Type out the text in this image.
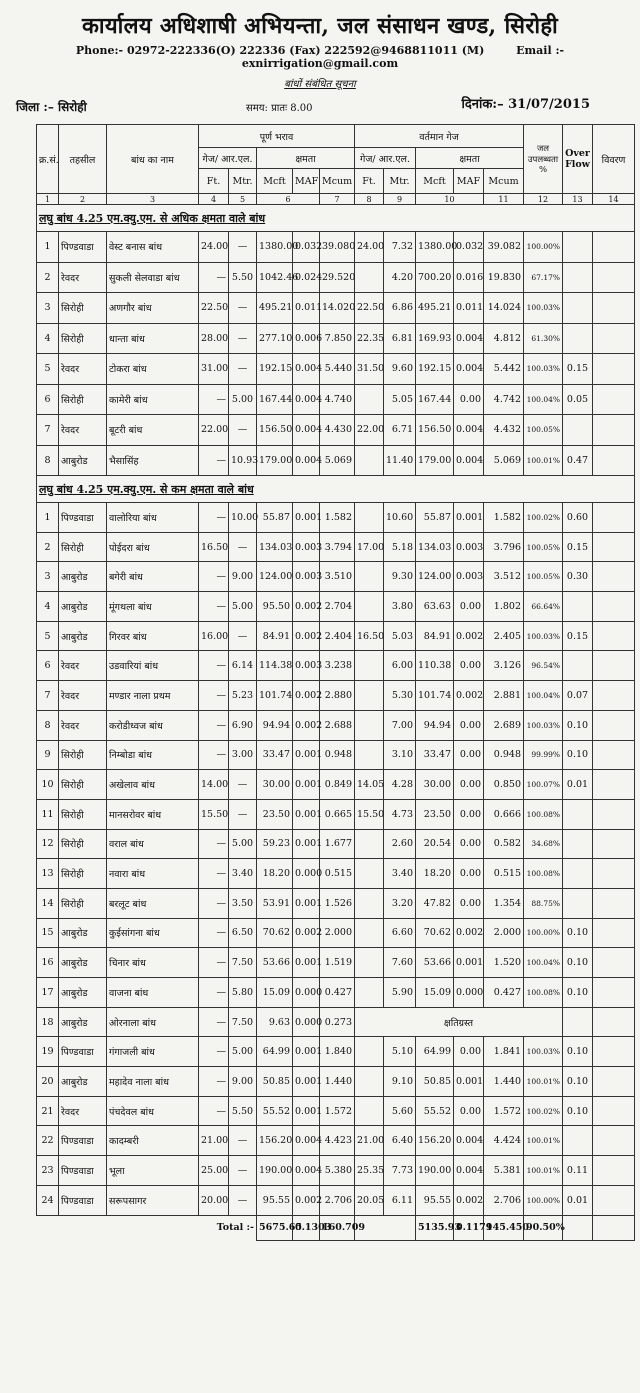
कार्यालय अधिशाषी अभियन्ता, जल संसाधन खण्ड, सिरोही
Phone:- 02972-222336(O) 222336 (Fax) 222592@9468811011 (M)	Email :- exnirrigation@gmail.com
बांधों संबंधित सूचना
जिला :– सिरोही	समय: प्रातः 8.00	दिनांक:– 31/07/2015
क्र.सं.	तहसील	बांध का नाम	पूर्ण भराव					वर्तमान गेज					जल उपलब्धता %	Over Flow	विवरण
			गेज/ आर.एल.		क्षमता			गेज/ आर.एल.		क्षमता					
			Ft.	Mtr.	Mcft	MAF	Mcum	Ft.	Mtr.	Mcft	MAF	Mcum			
1	2	3	4	5	6		7	8	9	10		11	12	13	14
लघु बांध 4.25 एम.क्यु.एम. से अधिक क्षमता वाले बांध															
1	पिण्डवाडा	वेस्ट बनास बांध	24.00	—	1380.00	0.032	39.080	24.00	7.32	1380.00	0.032	39.082	100.00%		
2	रेवदर	सुकली सेलवाडा बांध	—	5.50	1042.46	0.024	29.520		4.20	700.20	0.016	19.830	67.17%		
3	सिरोही	अणगौर बांध	22.50	—	495.21	0.011	14.020	22.50	6.86	495.21	0.011	14.024	100.03%		
4	सिरोही	धान्ता बांध	28.00	—	277.10	0.006	7.850	22.35	6.81	169.93	0.004	4.812	61.30%		
5	रेवदर	टोकरा बांध	31.00	—	192.15	0.004	5.440	31.50	9.60	192.15	0.004	5.442	100.03%	0.15	
6	सिरोही	कामेरी बांध	—	5.00	167.44	0.004	4.740		5.05	167.44	0.00	4.742	100.04%	0.05	
7	रेवदर	बूटरी बांध	22.00	—	156.50	0.004	4.430	22.00	6.71	156.50	0.004	4.432	100.05%		
8	आबुरोड	भैसासिंह	—	10.93	179.00	0.004	5.069		11.40	179.00	0.004	5.069	100.01%	0.47	
लघु बांध 4.25 एम.क्यु.एम. से कम क्षमता वाले बांध															
1	पिण्डवाडा	वालोरिया बांध	—	10.00	55.87	0.001	1.582		10.60	55.87	0.001	1.582	100.02%	0.60	
2	सिरोही	पोईदरा बांध	16.50	—	134.03	0.003	3.794	17.00	5.18	134.03	0.003	3.796	100.05%	0.15	
3	आबुरोड	बगेरी बांध	—	9.00	124.00	0.003	3.510		9.30	124.00	0.003	3.512	100.05%	0.30	
4	आबुरोड	मूंगथला बांध	—	5.00	95.50	0.002	2.704		3.80	63.63	0.00	1.802	66.64%		
5	आबुरोड	गिरवर बांध	16.00	—	84.91	0.002	2.404	16.50	5.03	84.91	0.002	2.405	100.03%	0.15	
6	रेवदर	उडवारियां बांध	—	6.14	114.38	0.003	3.238		6.00	110.38	0.00	3.126	96.54%		
7	रेवदर	मण्डार नाला प्रथम	—	5.23	101.74	0.002	2.880		5.30	101.74	0.002	2.881	100.04%	0.07	
8	रेवदर	करोडीध्वज बांध	—	6.90	94.94	0.002	2.688		7.00	94.94	0.00	2.689	100.03%	0.10	
9	सिरोही	निम्बोडा बांध	—	3.00	33.47	0.001	0.948		3.10	33.47	0.00	0.948	99.99%	0.10	
10	सिरोही	अखेलाव बांध	14.00	—	30.00	0.001	0.849	14.05	4.28	30.00	0.00	0.850	100.07%	0.01	
11	सिरोही	मानसरोवर बांध	15.50	—	23.50	0.001	0.665	15.50	4.73	23.50	0.00	0.666	100.08%		
12	सिरोही	वराल बांध	—	5.00	59.23	0.001	1.677		2.60	20.54	0.00	0.582	34.68%		
13	सिरोही	नवारा बांध	—	3.40	18.20	0.000	0.515		3.40	18.20	0.00	0.515	100.08%		
14	सिरोही	बरलूट बांध	—	3.50	53.91	0.001	1.526		3.20	47.82	0.00	1.354	88.75%		
15	आबुरोड	कुईसांगना बांध	—	6.50	70.62	0.002	2.000		6.60	70.62	0.002	2.000	100.00%	0.10	
16	आबुरोड	चिनार बांध	—	7.50	53.66	0.001	1.519		7.60	53.66	0.001	1.520	100.04%	0.10	
17	आबुरोड	वाजना बांध	—	5.80	15.09	0.000	0.427		5.90	15.09	0.000	0.427	100.08%	0.10	
18	आबुरोड	ओरनाला बांध	—	7.50	9.63	0.000	0.273	क्षतिग्रस्त							
19	पिण्डवाडा	गंगाजली बांध	—	5.00	64.99	0.001	1.840		5.10	64.99	0.00	1.841	100.03%	0.10	
20	आबुरोड	महादेव नाला बांध	—	9.00	50.85	0.001	1.440		9.10	50.85	0.001	1.440	100.01%	0.10	
21	रेवदर	पंचदेवल बांध	—	5.50	55.52	0.001	1.572		5.60	55.52	0.00	1.572	100.02%	0.10	
22	पिण्डवाडा	कादम्बरी	21.00	—	156.20	0.004	4.423	21.00	6.40	156.20	0.004	4.424	100.01%		
23	पिण्डवाडा	भूला	25.00	—	190.00	0.004	5.380	25.35	7.73	190.00	0.004	5.381	100.01%	0.11	
24	पिण्डवाडा	सरूपसागर	20.00	—	95.55	0.002	2.706	20.05	6.11	95.55	0.002	2.706	100.00%	0.01	
Total :-					5675.65	0.1303	160.709			5135.93	0.1179	145.450	90.50%		
